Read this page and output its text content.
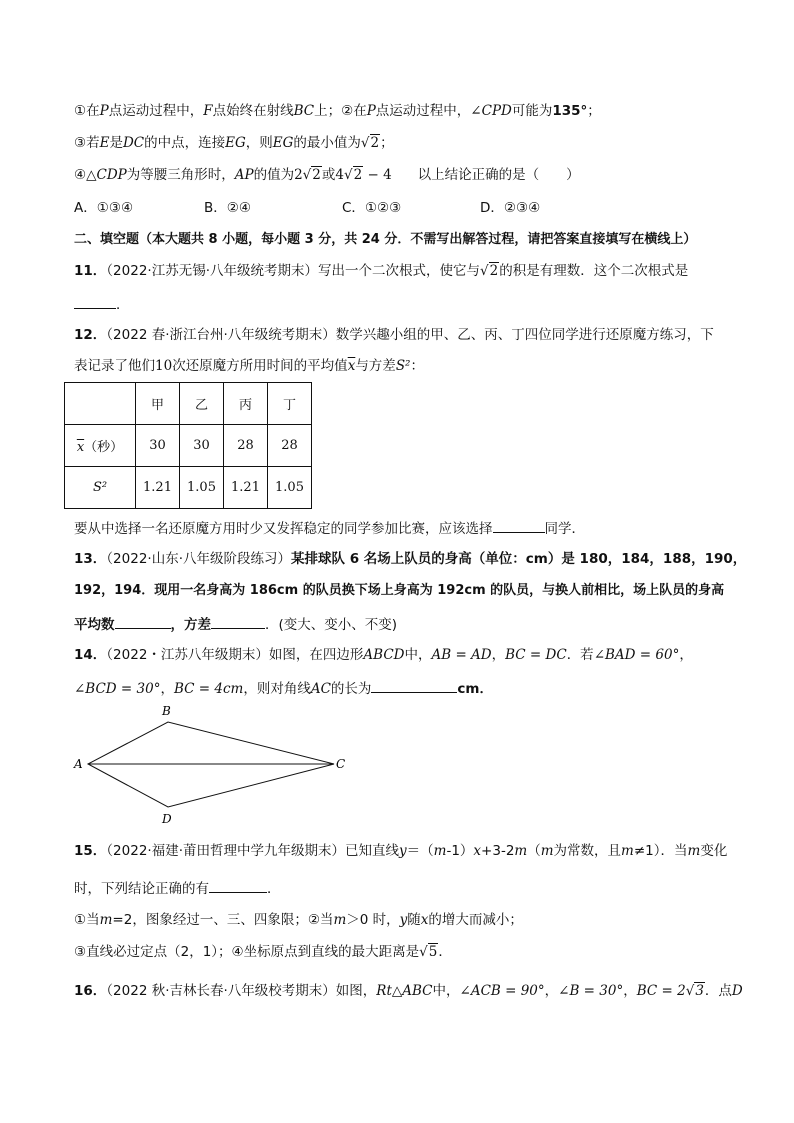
①在P点运动过程中，F点始终在射线BC上；②在P点运动过程中，∠CPD可能为135°；
③若E是DC的中点，连接EG，则EG的最小值为√2；
④△CDP为等腰三角形时，AP的值为2√2或4√2 − 4 以上结论正确的是（　　）
A．①③④	B．②④	C．①②③	D．②③④
二、填空题（本大题共 8 小题，每小题 3 分，共 24 分．不需写出解答过程，请把答案直接填写在横线上）
11．（2022·江苏无锡·八年级统考期末）写出一个二次根式，使它与√2的积是有理数．这个二次根式是
．
12．（2022 春·浙江台州·八年级统考期末）数学兴趣小组的甲、乙、丙、丁四位同学进行还原魔方练习，下
表记录了他们10次还原魔方所用时间的平均值$\overline{x}$与方差S²：
	甲	乙	丙	丁
$\overline{x}$（秒）	30	30	28	28
S²	1.21	1.05	1.21	1.05
要从中选择一名还原魔方用时少又发挥稳定的同学参加比赛，应该选择	同学．
13．（2022·山东·八年级阶段练习）某排球队 6 名场上队员的身高（单位：cm）是 180，184，188，190，
192，194．现用一名身高为 186cm 的队员换下场上身高为 192cm 的队员，与换人前相比，场上队员的身高
平均数	，方差	．(变大、变小、不变)
14．（2022・江苏八年级期末）如图，在四边形ABCD中，AB = AD，BC = DC．若∠BAD = 60°，
∠BCD = 30°，BC = 4cm，则对角线AC的长为	cm．
A
B
C
D
15．（2022·福建·莆田哲理中学九年级期末）已知直线y＝（m-1）x+3-2m（m为常数，且m≠1）．当m变化
时，下列结论正确的有	．
①当m=2，图象经过一、三、四象限；②当m＞0 时，y随x的增大而减小；
③直线必过定点（2，1）；④坐标原点到直线的最大距离是√5．
16．（2022 秋·吉林长春·八年级校考期末）如图，Rt△ABC中，∠ACB = 90°，∠B = 30°，BC = 2√3．点D
